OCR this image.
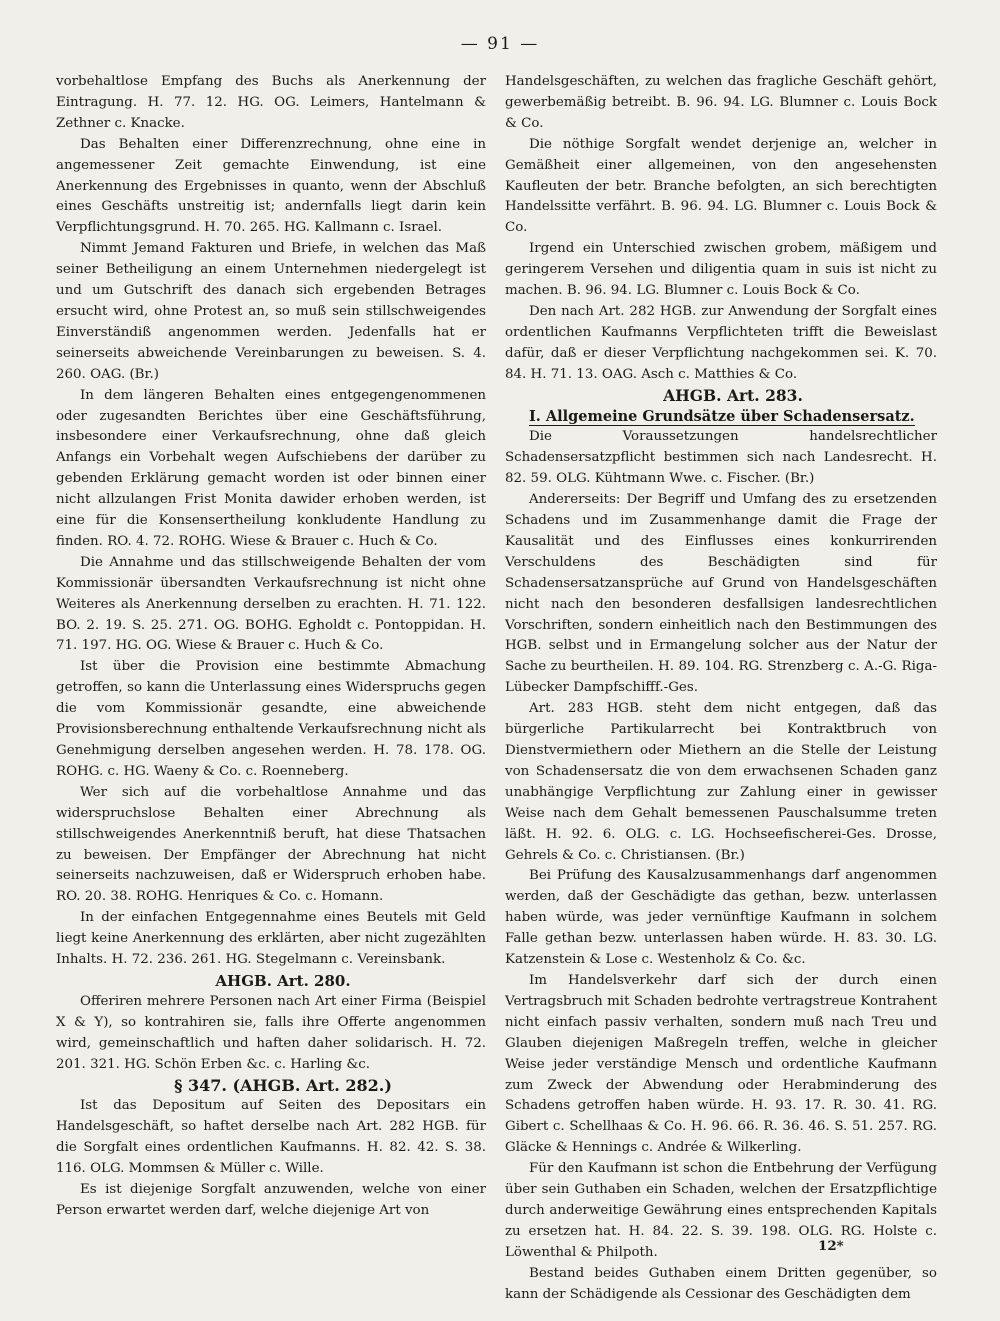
— 91 —

vorbehaltlose Empfang des Buchs als Anerkennung der Eintragung. H. 77. 12. HG. OG. Leimers, Hantelmann & Zethner c. Knacke.

Das Behalten einer Differenzrechnung, ohne eine in angemessener Zeit gemachte Einwendung, ist eine Anerkennung des Ergebnisses in quanto, wenn der Abschluß eines Geschäfts unstreitig ist; andernfalls liegt darin kein Verpflichtungsgrund. H. 70. 265. HG. Kallmann c. Israel.

Nimmt Jemand Fakturen und Briefe, in welchen das Maß seiner Betheiligung an einem Unternehmen niedergelegt ist und um Gutschrift des danach sich ergebenden Betrages ersucht wird, ohne Protest an, so muß sein stillschweigendes Einverständiß angenommen werden. Jedenfalls hat er seinerseits abweichende Vereinbarungen zu beweisen. S. 4. 260. OAG. (Br.)

In dem längeren Behalten eines entgegengenommenen oder zugesandten Berichtes über eine Geschäftsführung, insbesondere einer Verkaufsrechnung, ohne daß gleich Anfangs ein Vorbehalt wegen Aufschiebens der darüber zu gebenden Erklärung gemacht worden ist oder binnen einer nicht allzulangen Frist Monita dawider erhoben werden, ist eine für die Konsensertheilung konkludente Handlung zu finden. RO. 4. 72. ROHG. Wiese & Brauer c. Huch & Co.

Die Annahme und das stillschweigende Behalten der vom Kommissionär übersandten Verkaufsrechnung ist nicht ohne Weiteres als Anerkennung derselben zu erachten. H. 71. 122. BO. 2. 19. S. 25. 271. OG. BOHG. Egholdt c. Pontoppidan. H. 71. 197. HG. OG. Wiese & Brauer c. Huch & Co.

Ist über die Provision eine bestimmte Abmachung getroffen, so kann die Unterlassung eines Widerspruchs gegen die vom Kommissionär gesandte, eine abweichende Provisionsberechnung enthaltende Verkaufsrechnung nicht als Genehmigung derselben angesehen werden. H. 78. 178. OG. ROHG. c. HG. Waeny & Co. c. Roenneberg.

Wer sich auf die vorbehaltlose Annahme und das widerspruchslose Behalten einer Abrechnung als stillschweigendes Anerkenntniß beruft, hat diese Thatsachen zu beweisen. Der Empfänger der Abrechnung hat nicht seinerseits nachzuweisen, daß er Widerspruch erhoben habe. RO. 20. 38. ROHG. Henriques & Co. c. Homann.

In der einfachen Entgegennahme eines Beutels mit Geld liegt keine Anerkennung des erklärten, aber nicht zugezählten Inhalts. H. 72. 236. 261. HG. Stegelmann c. Vereinsbank.

AHGB. Art. 280.

Offeriren mehrere Personen nach Art einer Firma (Beispiel X & Y), so kontrahiren sie, falls ihre Offerte angenommen wird, gemeinschaftlich und haften daher solidarisch. H. 72. 201. 321. HG. Schön Erben &c. c. Harling &c.

§ 347. (AHGB. Art. 282.)

Ist das Depositum auf Seiten des Depositars ein Handelsgeschäft, so haftet derselbe nach Art. 282 HGB. für die Sorgfalt eines ordentlichen Kaufmanns. H. 82. 42. S. 38. 116. OLG. Mommsen & Müller c. Wille.

Es ist diejenige Sorgfalt anzuwenden, welche von einer Person erwartet werden darf, welche diejenige Art von

Handelsgeschäften, zu welchen das fragliche Geschäft gehört, gewerbemäßig betreibt. B. 96. 94. LG. Blumner c. Louis Bock & Co.

Die nöthige Sorgfalt wendet derjenige an, welcher in Gemäßheit einer allgemeinen, von den angesehensten Kaufleuten der betr. Branche befolgten, an sich berechtigten Handelssitte verfährt. B. 96. 94. LG. Blumner c. Louis Bock & Co.

Irgend ein Unterschied zwischen grobem, mäßigem und geringerem Versehen und diligentia quam in suis ist nicht zu machen. B. 96. 94. LG. Blumner c. Louis Bock & Co.

Den nach Art. 282 HGB. zur Anwendung der Sorgfalt eines ordentlichen Kaufmanns Verpflichteten trifft die Beweislast dafür, daß er dieser Verpflichtung nachgekommen sei. K. 70. 84. H. 71. 13. OAG. Asch c. Matthies & Co.

AHGB. Art. 283.

I. Allgemeine Grundsätze über Schadensersatz.

Die Voraussetzungen handelsrechtlicher Schadensersatzpflicht bestimmen sich nach Landesrecht. H. 82. 59. OLG. Kühtmann Wwe. c. Fischer. (Br.)

Andererseits: Der Begriff und Umfang des zu ersetzenden Schadens und im Zusammenhange damit die Frage der Kausalität und des Einflusses eines konkurrirenden Verschuldens des Beschädigten sind für Schadensersatzansprüche auf Grund von Handelsgeschäften nicht nach den besonderen desfallsigen landesrechtlichen Vorschriften, sondern einheitlich nach den Bestimmungen des HGB. selbst und in Ermangelung solcher aus der Natur der Sache zu beurtheilen. H. 89. 104. RG. Strenzberg c. A.-G. Riga-Lübecker Dampfschifff.-Ges.

Art. 283 HGB. steht dem nicht entgegen, daß das bürgerliche Partikularrecht bei Kontraktbruch von Dienstvermiethern oder Miethern an die Stelle der Leistung von Schadensersatz die von dem erwachsenen Schaden ganz unabhängige Verpflichtung zur Zahlung einer in gewisser Weise nach dem Gehalt bemessenen Pauschalsumme treten läßt. H. 92. 6. OLG. c. LG. Hochseefischerei-Ges. Drosse, Gehrels & Co. c. Christiansen. (Br.)

Bei Prüfung des Kausalzusammenhangs darf angenommen werden, daß der Geschädigte das gethan, bezw. unterlassen haben würde, was jeder vernünftige Kaufmann in solchem Falle gethan bezw. unterlassen haben würde. H. 83. 30. LG. Katzenstein & Lose c. Westenholz & Co. &c.

Im Handelsverkehr darf sich der durch einen Vertragsbruch mit Schaden bedrohte vertragstreue Kontrahent nicht einfach passiv verhalten, sondern muß nach Treu und Glauben diejenigen Maßregeln treffen, welche in gleicher Weise jeder verständige Mensch und ordentliche Kaufmann zum Zweck der Abwendung oder Herabminderung des Schadens getroffen haben würde. H. 93. 17. R. 30. 41. RG. Gibert c. Schellhaas & Co. H. 96. 66. R. 36. 46. S. 51. 257. RG. Gläcke & Hennings c. Andrée & Wilkerling.

Für den Kaufmann ist schon die Entbehrung der Verfügung über sein Guthaben ein Schaden, welchen der Ersatzpflichtige durch anderweitige Gewährung eines entsprechenden Kapitals zu ersetzen hat. H. 84. 22. S. 39. 198. OLG. RG. Holste c. Löwenthal & Philpoth.

Bestand beides Guthaben einem Dritten gegenüber, so kann der Schädigende als Cessionar des Geschädigten dem

12*
